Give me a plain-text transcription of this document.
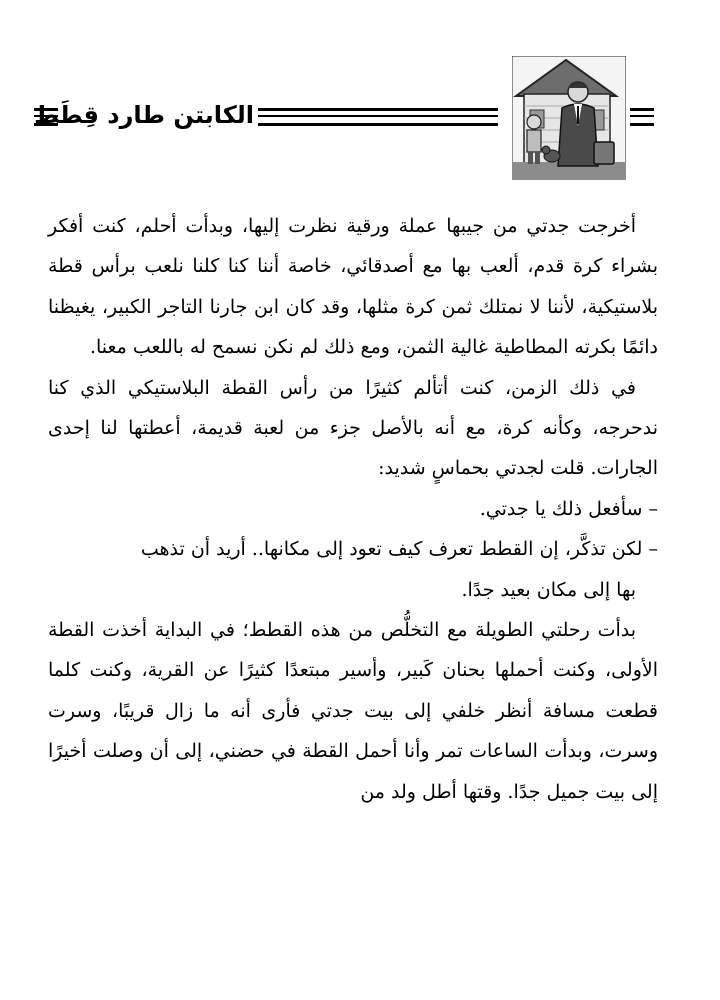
الكابتن طارد قِطَط

أخرجت جدتي من جيبها عملة ورقية نظرت إليها، وبدأت أحلم، كنت أفكر بشراء كرة قدم، ألعب بها مع أصدقائي، خاصة أننا كنا كلنا نلعب برأس قطة بلاستيكية، لأننا لا نمتلك ثمن كرة مثلها، وقد كان ابن جارنا التاجر الكبير، يغيظنا دائمًا بكرته المطاطية غالية الثمن، ومع ذلك لم نكن نسمح له باللعب معنا.

في ذلك الزمن، كنت أتألم كثيرًا من رأس القطة البلاستيكي الذي كنا ندحرجه، وكأنه كرة، مع أنه بالأصل جزء من لعبة قديمة، أعطتها لنا إحدى الجارات. قلت لجدتي بحماسٍ شديد:

– سأفعل ذلك يا جدتي.

– لكن تذكَّر، إن القطط تعرف كيف تعود إلى مكانها.. أريد أن تذهب

بها إلى مكان بعيد جدًا.

بدأت رحلتي الطويلة مع التخلُّص من هذه القطط؛ في البداية أخذت القطة الأولى، وكنت أحملها بحنان كَبير، وأسير مبتعدًا كثيرًا عن القرية، وكنت كلما قطعت مسافة أنظر خلفي إلى بيت جدتي فأرى أنه ما زال قريبًا، وسرت وسرت، وبدأت الساعات تمر وأنا أحمل القطة في حضني، إلى أن وصلت أخيرًا إلى بيت جميل جدًا. وقتها أطل ولد من
